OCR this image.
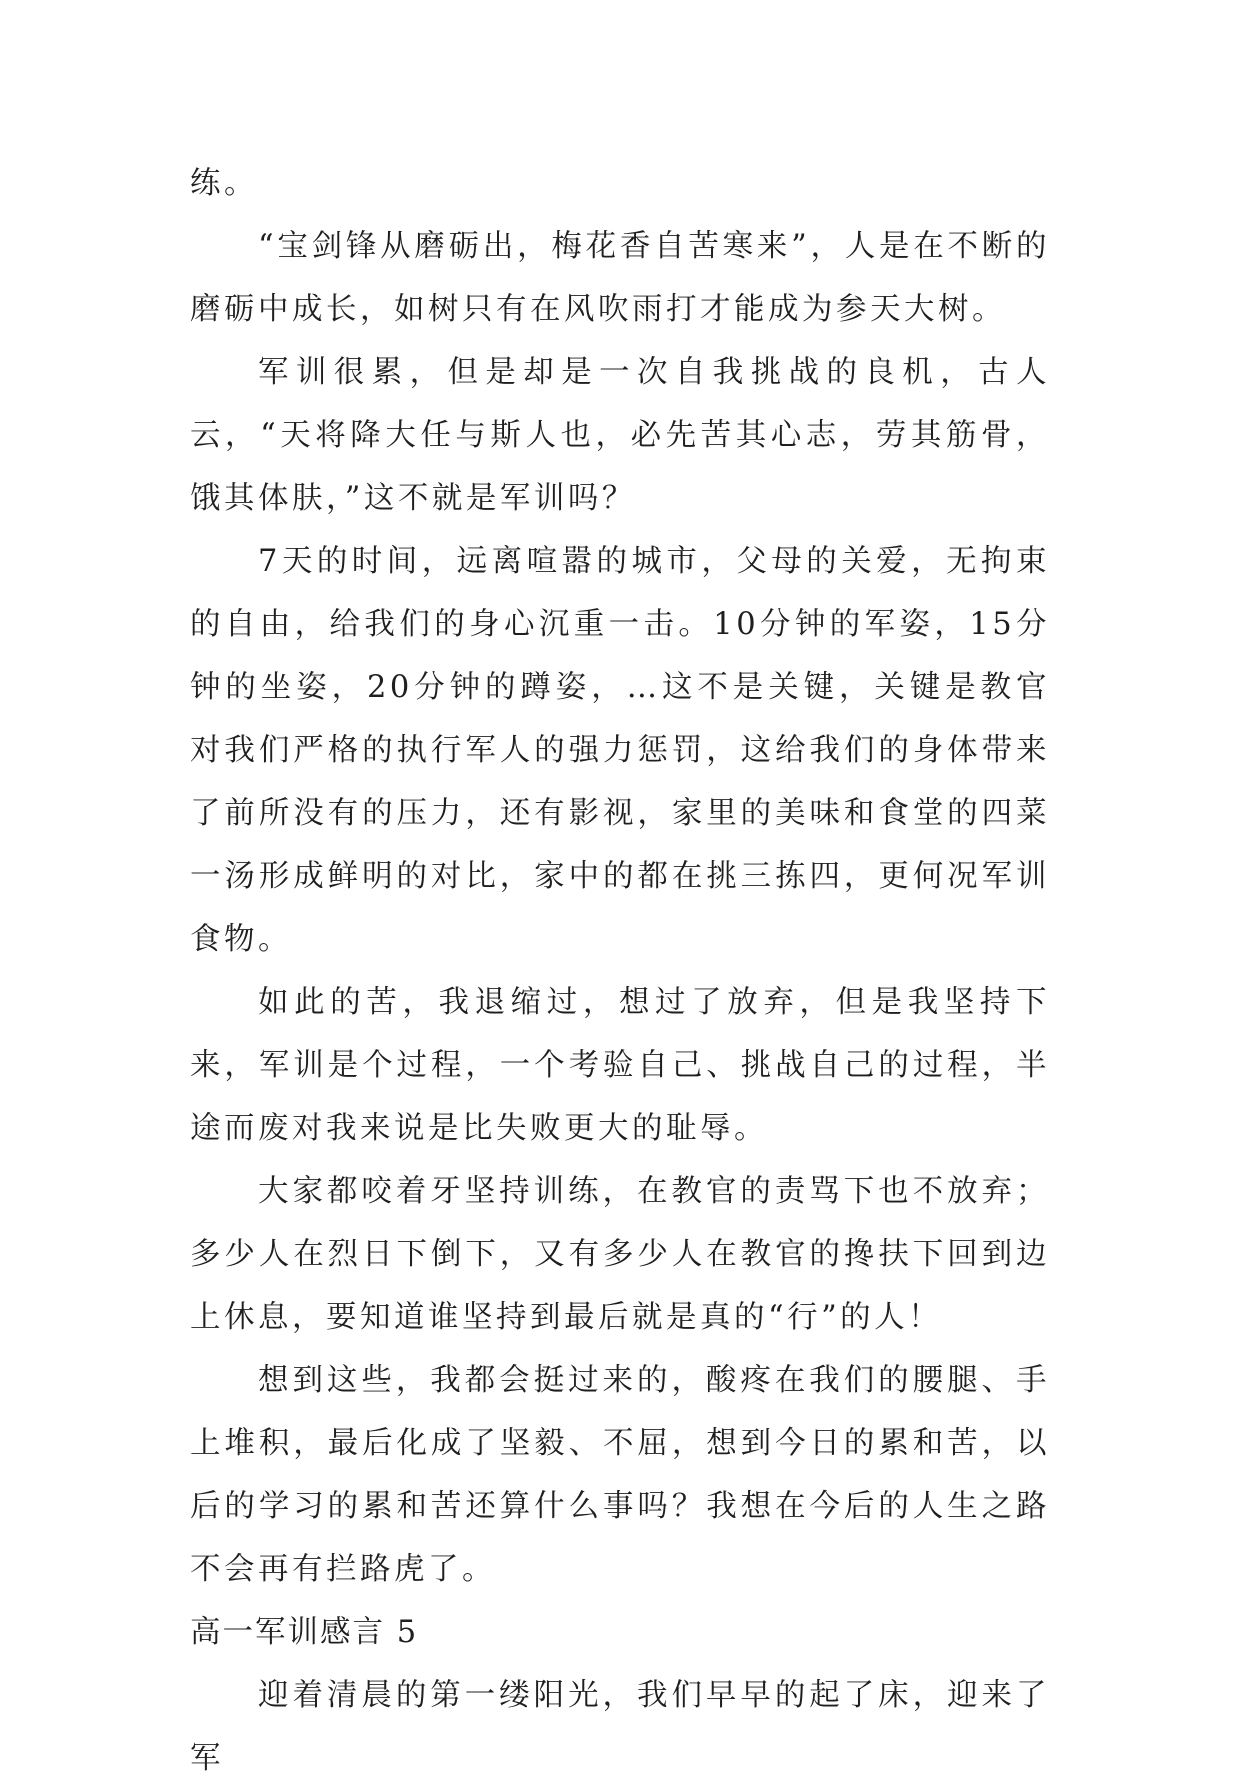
练。

“宝剑锋从磨砺出，梅花香自苦寒来”，人是在不断的磨砺中成长，如树只有在风吹雨打才能成为参天大树。

军训很累，但是却是一次自我挑战的良机，古人云，“天将降大任与斯人也，必先苦其心志，劳其筋骨，饿其体肤，”这不就是军训吗？

7天的时间，远离喧嚣的城市，父母的关爱，无拘束的自由，给我们的身心沉重一击。10分钟的军姿，15分钟的坐姿，20分钟的蹲姿，…这不是关键，关键是教官对我们严格的执行军人的强力惩罚，这给我们的身体带来了前所没有的压力，还有影视，家里的美味和食堂的四菜一汤形成鲜明的对比，家中的都在挑三拣四，更何况军训食物。

如此的苦，我退缩过，想过了放弃，但是我坚持下来，军训是个过程，一个考验自己、挑战自己的过程，半途而废对我来说是比失败更大的耻辱。

大家都咬着牙坚持训练，在教官的责骂下也不放弃；多少人在烈日下倒下，又有多少人在教官的搀扶下回到边上休息，要知道谁坚持到最后就是真的“行”的人！

想到这些，我都会挺过来的，酸疼在我们的腰腿、手上堆积，最后化成了坚毅、不屈，想到今日的累和苦，以后的学习的累和苦还算什么事吗？我想在今后的人生之路不会再有拦路虎了。

高一军训感言 5

迎着清晨的第一缕阳光，我们早早的起了床，迎来了军
